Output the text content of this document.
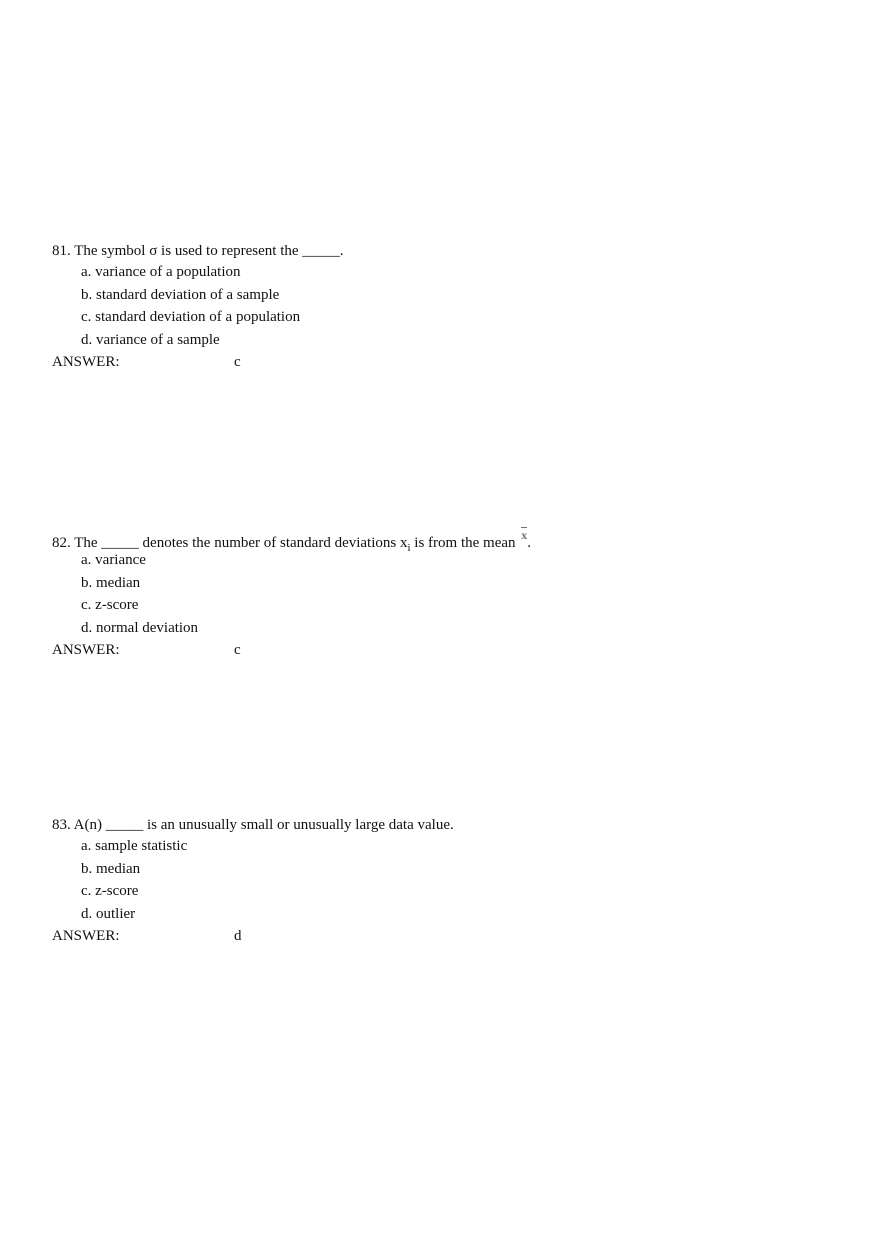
81. The symbol σ is used to represent the _____.
a. variance of a population
b. standard deviation of a sample
c. standard deviation of a population
d. variance of a sample
ANSWER:	c
82. The _____ denotes the number of standard deviations $x_i$ is from the mean x.
a. variance
b. median
c. z-score
d. normal deviation
ANSWER:	c
83. A(n) _____ is an unusually small or unusually large data value.
a. sample statistic
b. median
c. z-score
d. outlier
ANSWER:	d
